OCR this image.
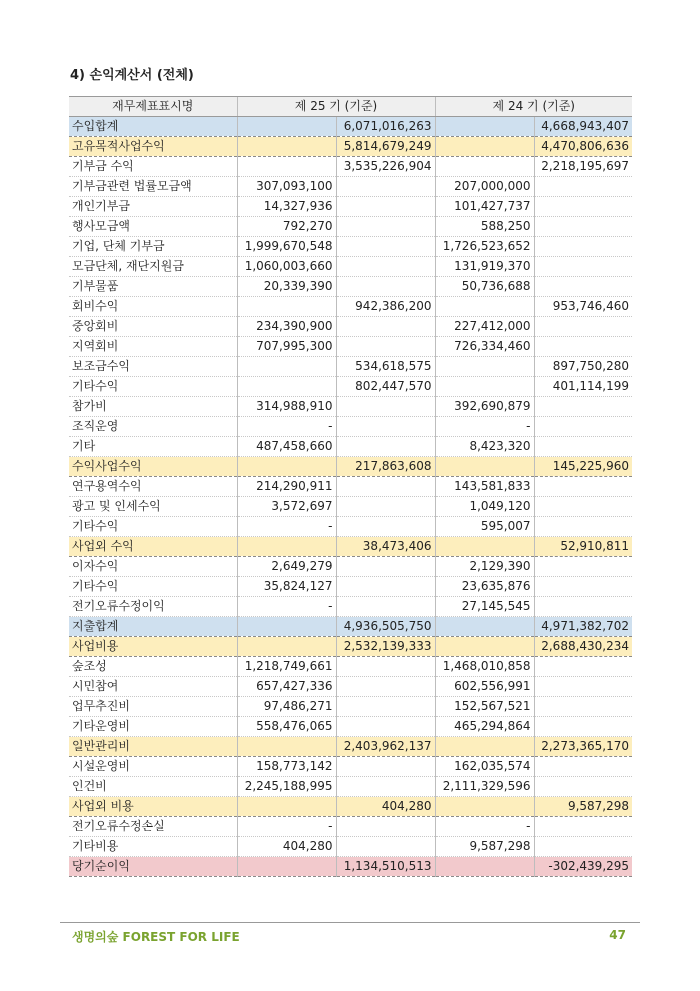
4) 손익계산서 (전체)
재무제표표시명	제 25 기 (기준)		제 24 기 (기준)	
수입합계		6,071,016,263		4,668,943,407
고유목적사업수익		5,814,679,249		4,470,806,636
기부금 수익		3,535,226,904		2,218,195,697
기부금관련 법률모금액	307,093,100		207,000,000	
개인기부금	14,327,936		101,427,737	
행사모금액	792,270		588,250	
기업, 단체 기부금	1,999,670,548		1,726,523,652	
모금단체, 재단지원금	1,060,003,660		131,919,370	
기부물품	20,339,390		50,736,688	
회비수익		942,386,200		953,746,460
중앙회비	234,390,900		227,412,000	
지역회비	707,995,300		726,334,460	
보조금수익		534,618,575		897,750,280
기타수익		802,447,570		401,114,199
참가비	314,988,910		392,690,879	
조직운영	-		-	
기타	487,458,660		8,423,320	
수익사업수익		217,863,608		145,225,960
연구용역수익	214,290,911		143,581,833	
광고 및 인세수익	3,572,697		1,049,120	
기타수익	-		595,007	
사업외 수익		38,473,406		52,910,811
이자수익	2,649,279		2,129,390	
기타수익	35,824,127		23,635,876	
전기오류수정이익	-		27,145,545	
지출합계		4,936,505,750		4,971,382,702
사업비용		2,532,139,333		2,688,430,234
숲조성	1,218,749,661		1,468,010,858	
시민참여	657,427,336		602,556,991	
업무추진비	97,486,271		152,567,521	
기타운영비	558,476,065		465,294,864	
일반관리비		2,403,962,137		2,273,365,170
시설운영비	158,773,142		162,035,574	
인건비	2,245,188,995		2,111,329,596	
사업외 비용		404,280		9,587,298
전기오류수정손실	-		-	
기타비용	404,280		9,587,298	
당기순이익		1,134,510,513		-302,439,295
생명의숲 FOREST FOR LIFE	47
